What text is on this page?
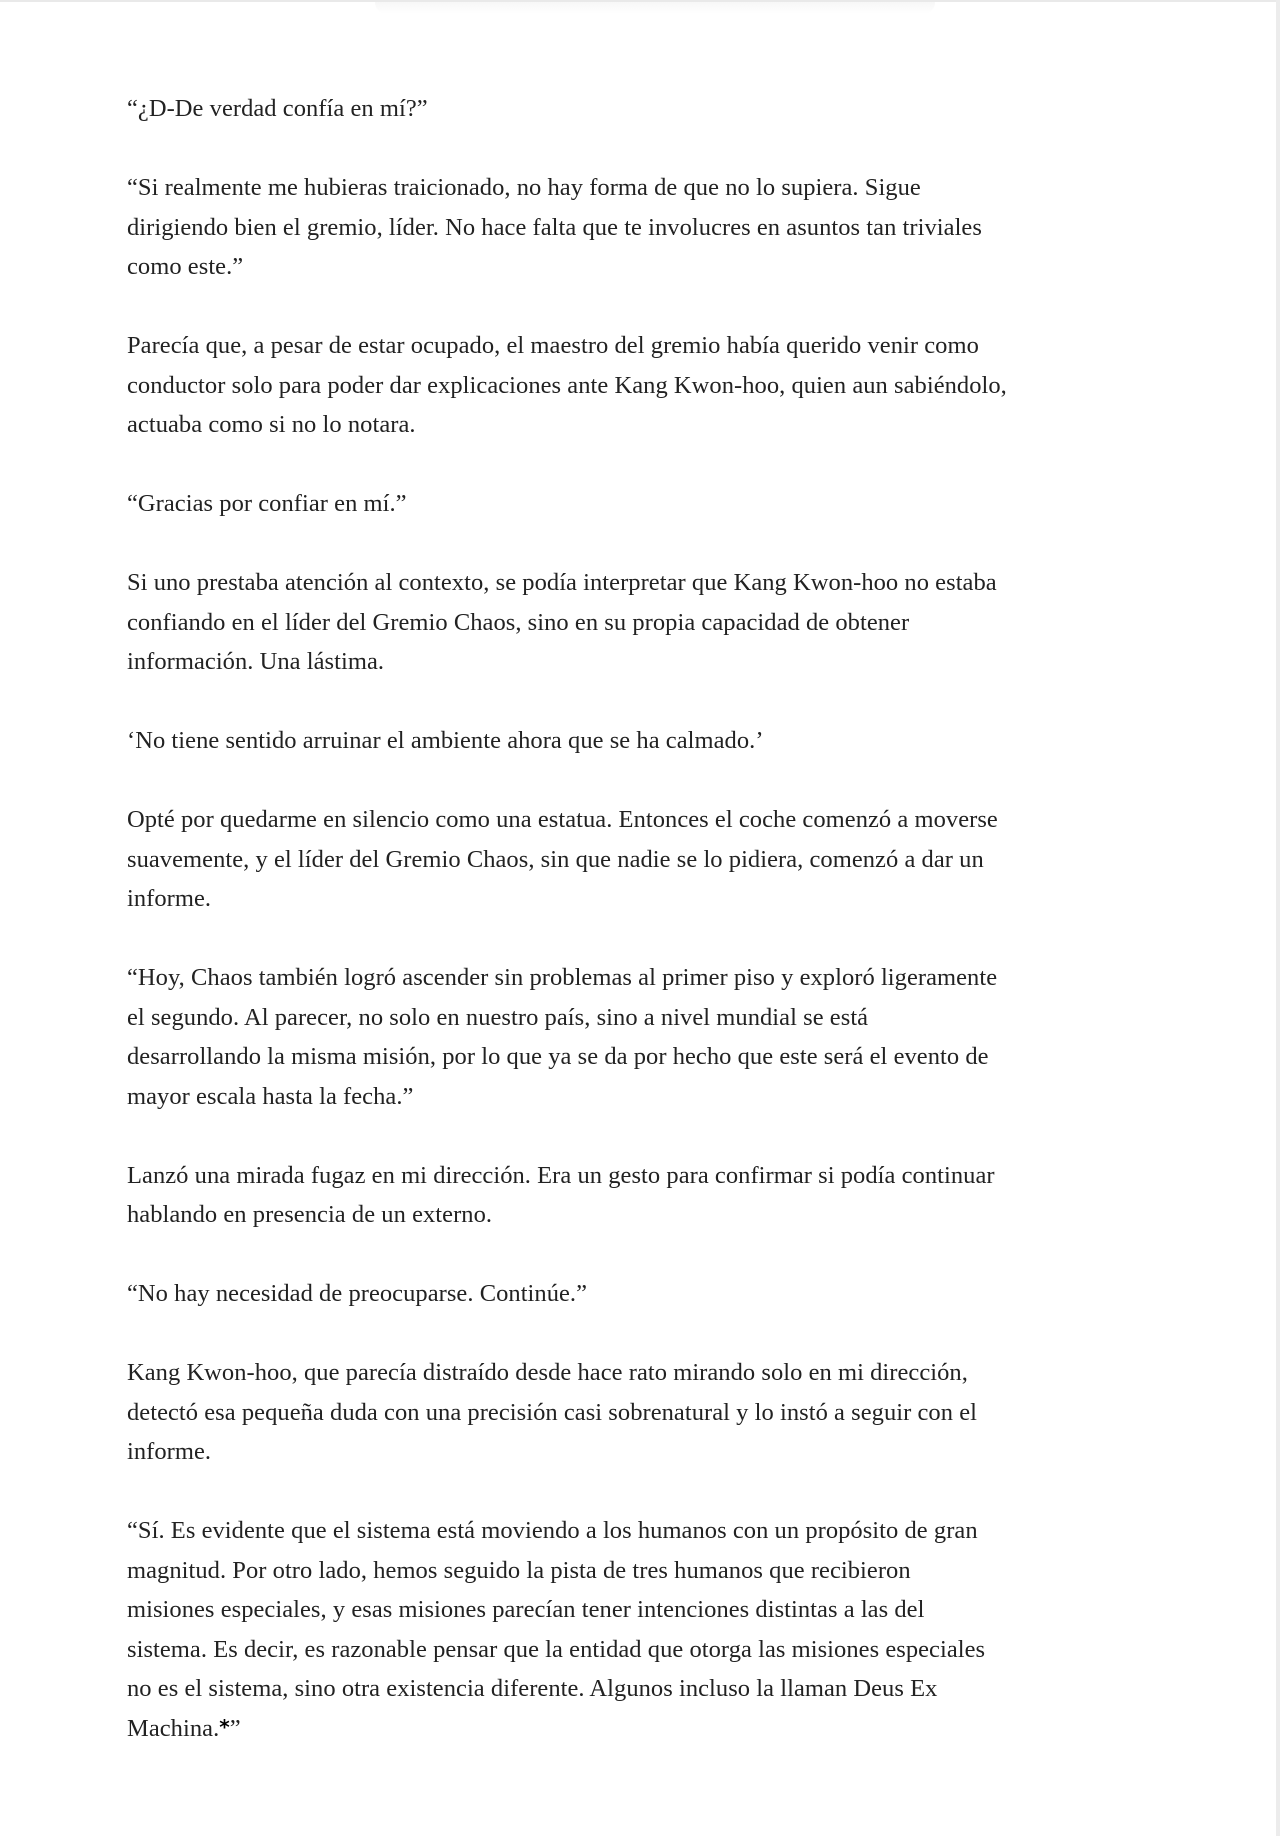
“¿D-De verdad confía en mí?”

“Si realmente me hubieras traicionado, no hay forma de que no lo supiera. Sigue
dirigiendo bien el gremio, líder. No hace falta que te involucres en asuntos tan triviales
como este.”

Parecía que, a pesar de estar ocupado, el maestro del gremio había querido venir como
conductor solo para poder dar explicaciones ante Kang Kwon-hoo, quien aun sabiéndolo,
actuaba como si no lo notara.

“Gracias por confiar en mí.”

Si uno prestaba atención al contexto, se podía interpretar que Kang Kwon-hoo no estaba
confiando en el líder del Gremio Chaos, sino en su propia capacidad de obtener
información. Una lástima.

‘No tiene sentido arruinar el ambiente ahora que se ha calmado.’

Opté por quedarme en silencio como una estatua. Entonces el coche comenzó a moverse
suavemente, y el líder del Gremio Chaos, sin que nadie se lo pidiera, comenzó a dar un
informe.

“Hoy, Chaos también logró ascender sin problemas al primer piso y exploró ligeramente
el segundo. Al parecer, no solo en nuestro país, sino a nivel mundial se está
desarrollando la misma misión, por lo que ya se da por hecho que este será el evento de
mayor escala hasta la fecha.”

Lanzó una mirada fugaz en mi dirección. Era un gesto para confirmar si podía continuar
hablando en presencia de un externo.

“No hay necesidad de preocuparse. Continúe.”

Kang Kwon-hoo, que parecía distraído desde hace rato mirando solo en mi dirección,
detectó esa pequeña duda con una precisión casi sobrenatural y lo instó a seguir con el
informe.

“Sí. Es evidente que el sistema está moviendo a los humanos con un propósito de gran
magnitud. Por otro lado, hemos seguido la pista de tres humanos que recibieron
misiones especiales, y esas misiones parecían tener intenciones distintas a las del
sistema. Es decir, es razonable pensar que la entidad que otorga las misiones especiales
no es el sistema, sino otra existencia diferente. Algunos incluso la llaman Deus Ex
Machina.*”
